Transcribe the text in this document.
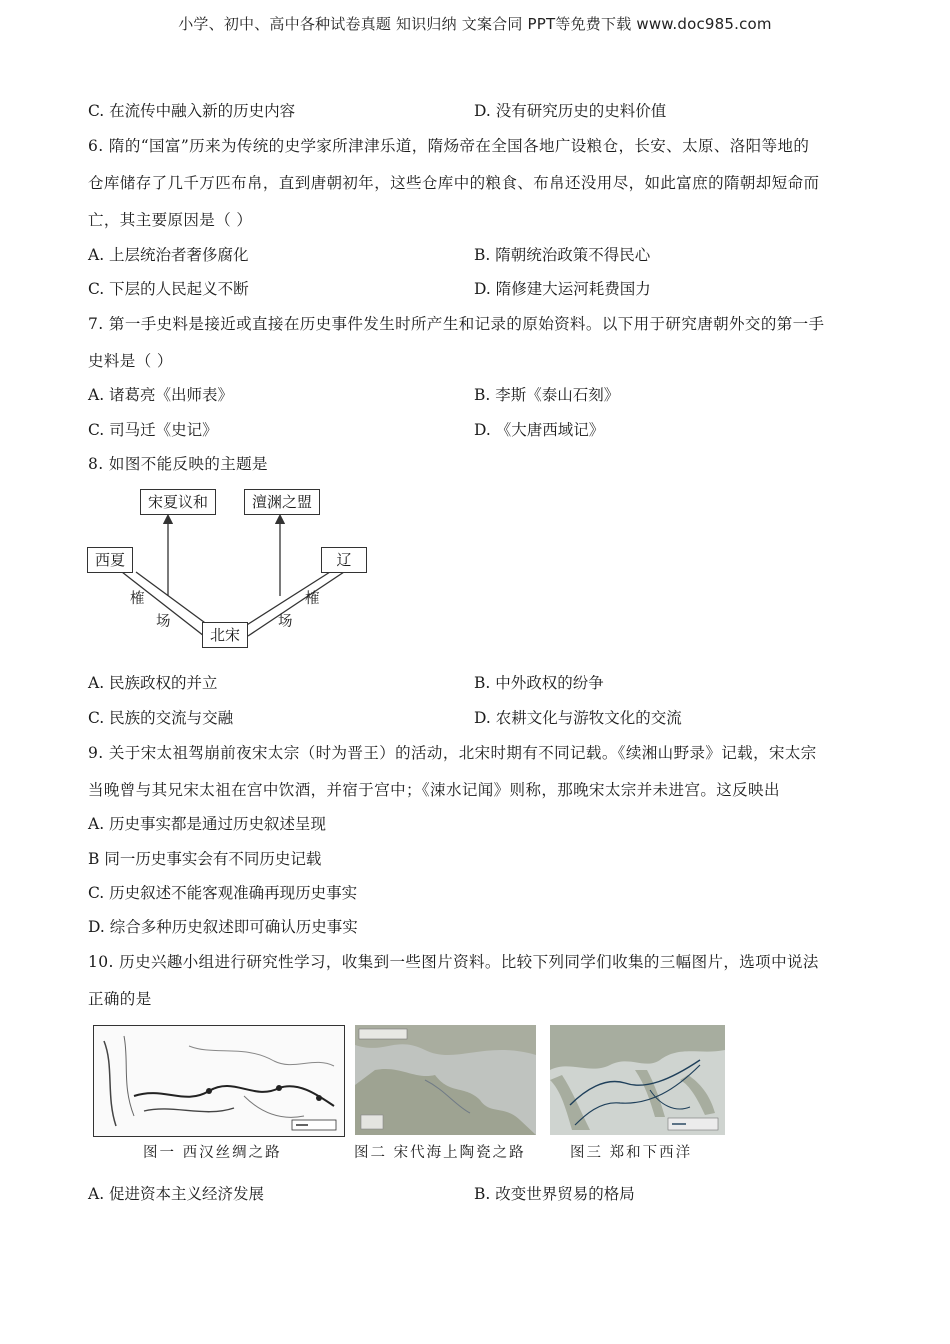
小学、初中、高中各种试卷真题 知识归纳 文案合同 PPT等免费下载 www.doc985.com
C. 在流传中融入新的历史内容	D. 没有研究历史的史料价值
6. 隋的“国富”历来为传统的史学家所津津乐道，隋炀帝在全国各地广设粮仓，长安、太原、洛阳等地的
仓库储存了几千万匹布帛，直到唐朝初年，这些仓库中的粮食、布帛还没用尽，如此富庶的隋朝却短命而
亡，其主要原因是（ ）
A. 上层统治者奢侈腐化	B. 隋朝统治政策不得民心
C. 下层的人民起义不断	D. 隋修建大运河耗费国力
7. 第一手史料是接近或直接在历史事件发生时所产生和记录的原始资料。以下用于研究唐朝外交的第一手
史料是（ ）
A. 诸葛亮《出师表》	B. 李斯《泰山石刻》
C. 司马迁《史记》	D. 《大唐西域记》
8. 如图不能反映的主题是
宋夏议和	澶渊之盟
西夏	辽
北宋
榷
场
榷
场
A. 民族政权的并立	B. 中外政权的纷争
C. 民族的交流与交融	D. 农耕文化与游牧文化的交流
9. 关于宋太祖驾崩前夜宋太宗（时为晋王）的活动，北宋时期有不同记载。《续湘山野录》记载，宋太宗
当晚曾与其兄宋太祖在宫中饮酒，并宿于宫中；《涑水记闻》则称，那晚宋太宗并未进宫。这反映出
A. 历史事实都是通过历史叙述呈现
B 同一历史事实会有不同历史记载
C. 历史叙述不能客观准确再现历史事实
D. 综合多种历史叙述即可确认历史事实
10. 历史兴趣小组进行研究性学习，收集到一些图片资料。比较下列同学们收集的三幅图片，选项中说法
正确的是
图一 西汉丝绸之路	图二 宋代海上陶瓷之路	图三 郑和下西洋
A. 促进资本主义经济发展	B. 改变世界贸易的格局
